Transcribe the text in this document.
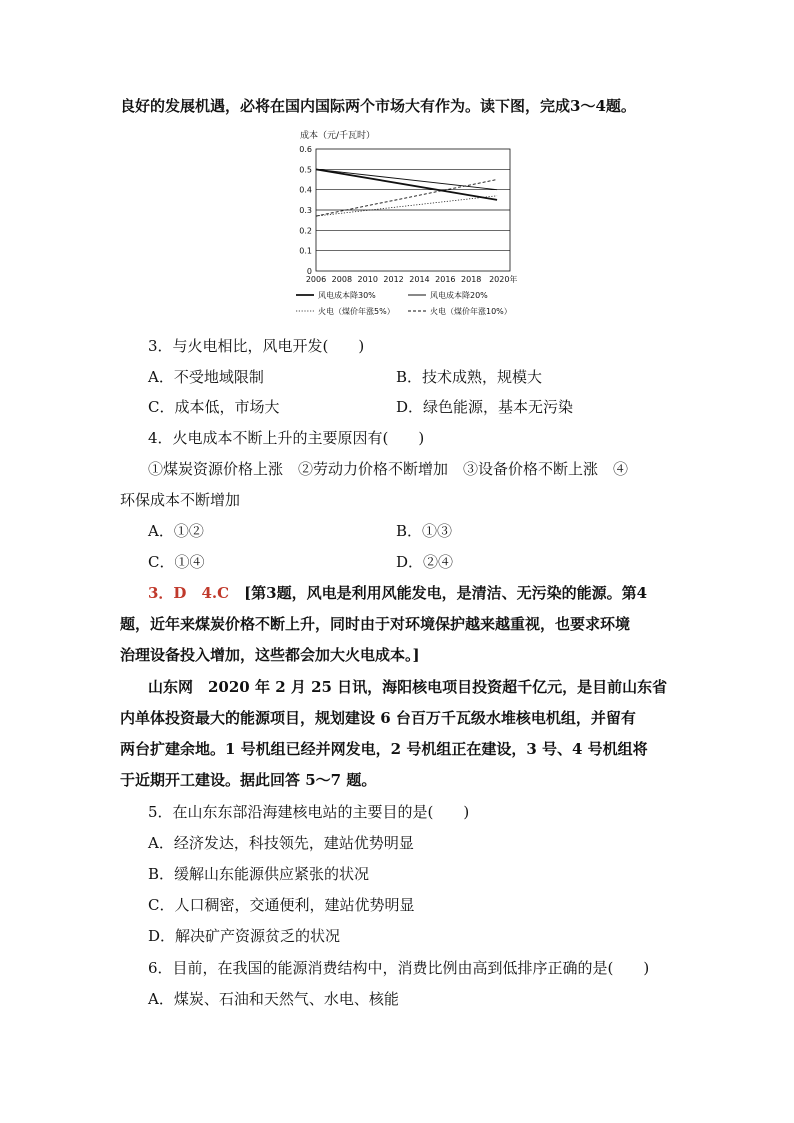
良好的发展机遇，必将在国内国际两个市场大有作为。读下图，完成3～4题。
成本（元/千瓦时）
0
0.1
0.2
0.3
0.4
0.5
0.6
2006 2008 2010 2012 2014 2016 2018 2020年
风电成本降30%	风电成本降20%
火电（煤价年涨5%）	火电（煤价年涨10%）
3．与火电相比，风电开发(　　)
A．不受地域限制	B．技术成熟，规模大
C．成本低，市场大	D．绿色能源，基本无污染
4．火电成本不断上升的主要原因有(　　)
①煤炭资源价格上涨　②劳动力价格不断增加　③设备价格不断上涨　④
环保成本不断增加
A．①②	B．①③
C．①④	D．②④
3．D　4.C　 [第3题，风电是利用风能发电，是清洁、无污染的能源。第4
题，近年来煤炭价格不断上升，同时由于对环境保护越来越重视，也要求环境
治理设备投入增加，这些都会加大火电成本。]
山东网　2020 年 2 月 25 日讯，海阳核电项目投资超千亿元，是目前山东省
内单体投资最大的能源项目，规划建设 6 台百万千瓦级水堆核电机组，并留有
两台扩建余地。1 号机组已经并网发电，2 号机组正在建设，3 号、4 号机组将
于近期开工建设。据此回答 5～7 题。
5．在山东东部沿海建核电站的主要目的是(　　)
A．经济发达，科技领先，建站优势明显
B．缓解山东能源供应紧张的状况
C．人口稠密，交通便利，建站优势明显
D．解决矿产资源贫乏的状况
6．目前，在我国的能源消费结构中，消费比例由高到低排序正确的是(　　)
A．煤炭、石油和天然气、水电、核能
